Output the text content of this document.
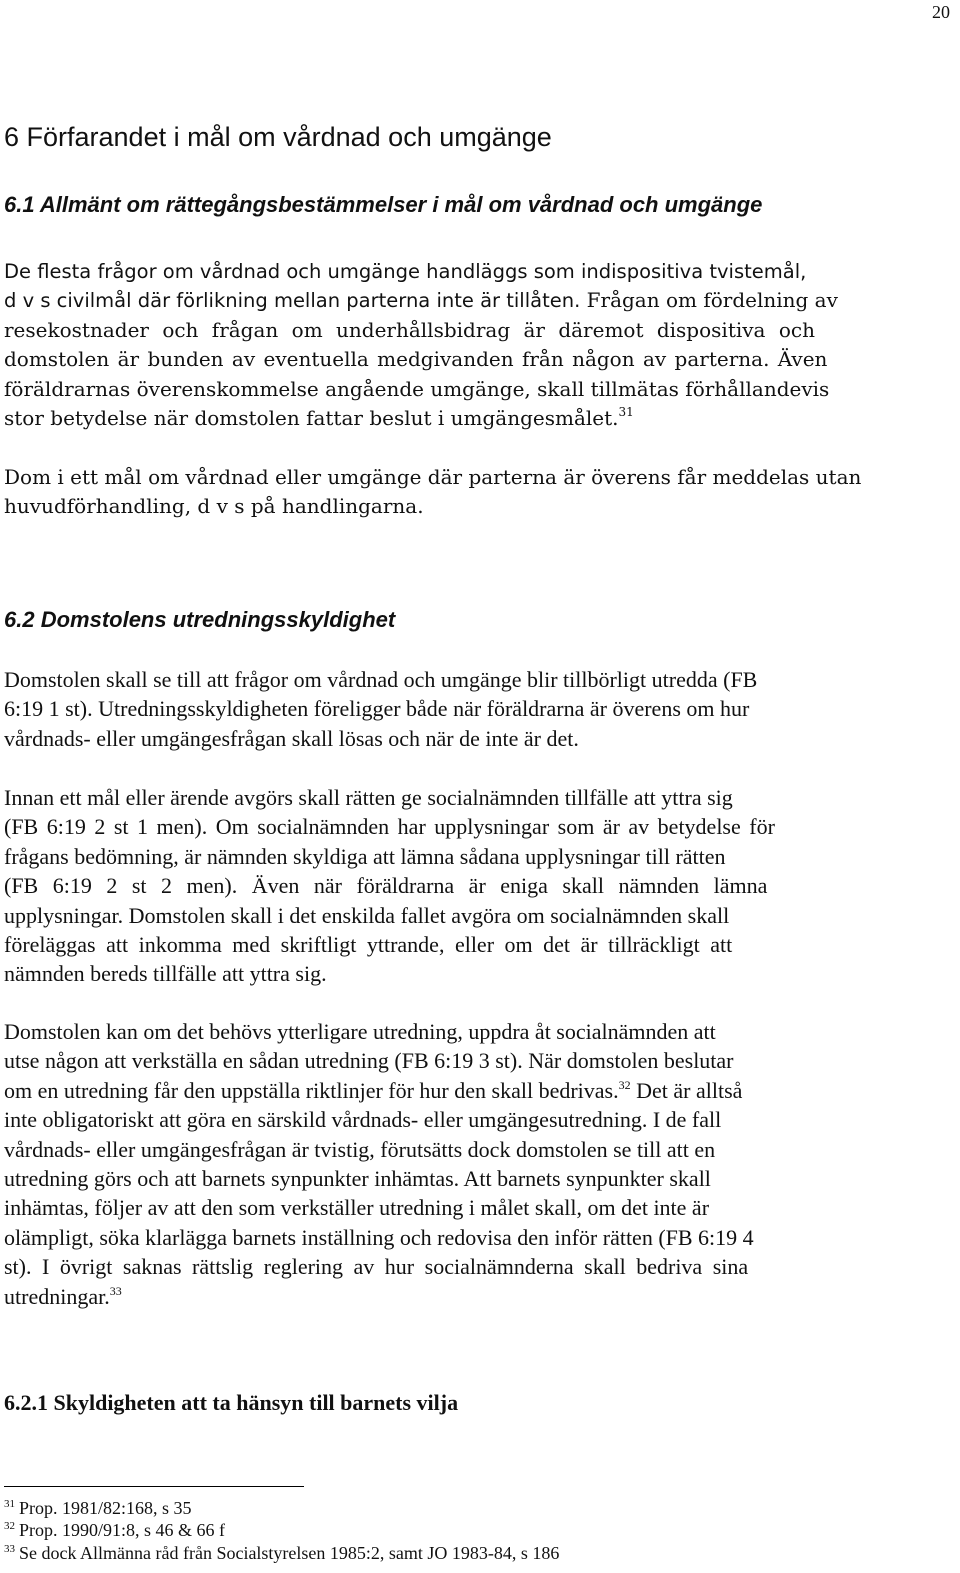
20
6 Förfarandet i mål om vårdnad och umgänge
6.1 Allmänt om rättegångsbestämmelser i mål om vårdnad och umgänge
De flesta frågor om vårdnad och umgänge handläggs som indispositiva tvistemål,
d v s civilmål där förlikning mellan parterna inte är tillåten. Frågan om fördelning av
resekostnader och frågan om underhållsbidrag är däremot dispositiva och
domstolen är bunden av eventuella medgivanden från någon av parterna. Även
föräldrarnas överenskommelse angående umgänge, skall tillmätas förhållandevis
stor betydelse när domstolen fattar beslut i umgängesmålet.$^{31}$
Dom i ett mål om vårdnad eller umgänge där parterna är överens får meddelas utan
huvudförhandling, d v s på handlingarna.
6.2 Domstolens utredningsskyldighet
Domstolen skall se till att frågor om vårdnad och umgänge blir tillbörligt utredda (FB
6:19 1 st). Utredningsskyldigheten föreligger både när föräldrarna är överens om hur
vårdnads- eller umgängesfrågan skall lösas och när de inte är det.
Innan ett mål eller ärende avgörs skall rätten ge socialnämnden tillfälle att yttra sig
(FB 6:19 2 st 1 men). Om socialnämnden har upplysningar som är av betydelse för
frågans bedömning, är nämnden skyldiga att lämna sådana upplysningar till rätten
(FB 6:19 2 st 2 men). Även när föräldrarna är eniga skall nämnden lämna
upplysningar. Domstolen skall i det enskilda fallet avgöra om socialnämnden skall
föreläggas att inkomma med skriftligt yttrande, eller om det är tillräckligt att
nämnden bereds tillfälle att yttra sig.
Domstolen kan om det behövs ytterligare utredning, uppdra åt socialnämnden att
utse någon att verkställa en sådan utredning (FB 6:19 3 st). När domstolen beslutar
om en utredning får den uppställa riktlinjer för hur den skall bedrivas.$^{32}$ Det är alltså
inte obligatoriskt att göra en särskild vårdnads- eller umgängesutredning. I de fall
vårdnads- eller umgängesfrågan är tvistig, förutsätts dock domstolen se till att en
utredning görs och att barnets synpunkter inhämtas. Att barnets synpunkter skall
inhämtas, följer av att den som verkställer utredning i målet skall, om det inte är
olämpligt, söka klarlägga barnets inställning och redovisa den inför rätten (FB 6:19 4
st). I övrigt saknas rättslig reglering av hur socialnämnderna skall bedriva sina
utredningar.$^{33}$
6.2.1 Skyldigheten att ta hänsyn till barnets vilja
$^{31}$ Prop. 1981/82:168, s 35
$^{32}$ Prop. 1990/91:8, s 46 & 66 f
$^{33}$ Se dock Allmänna råd från Socialstyrelsen 1985:2, samt JO 1983-84, s 186
